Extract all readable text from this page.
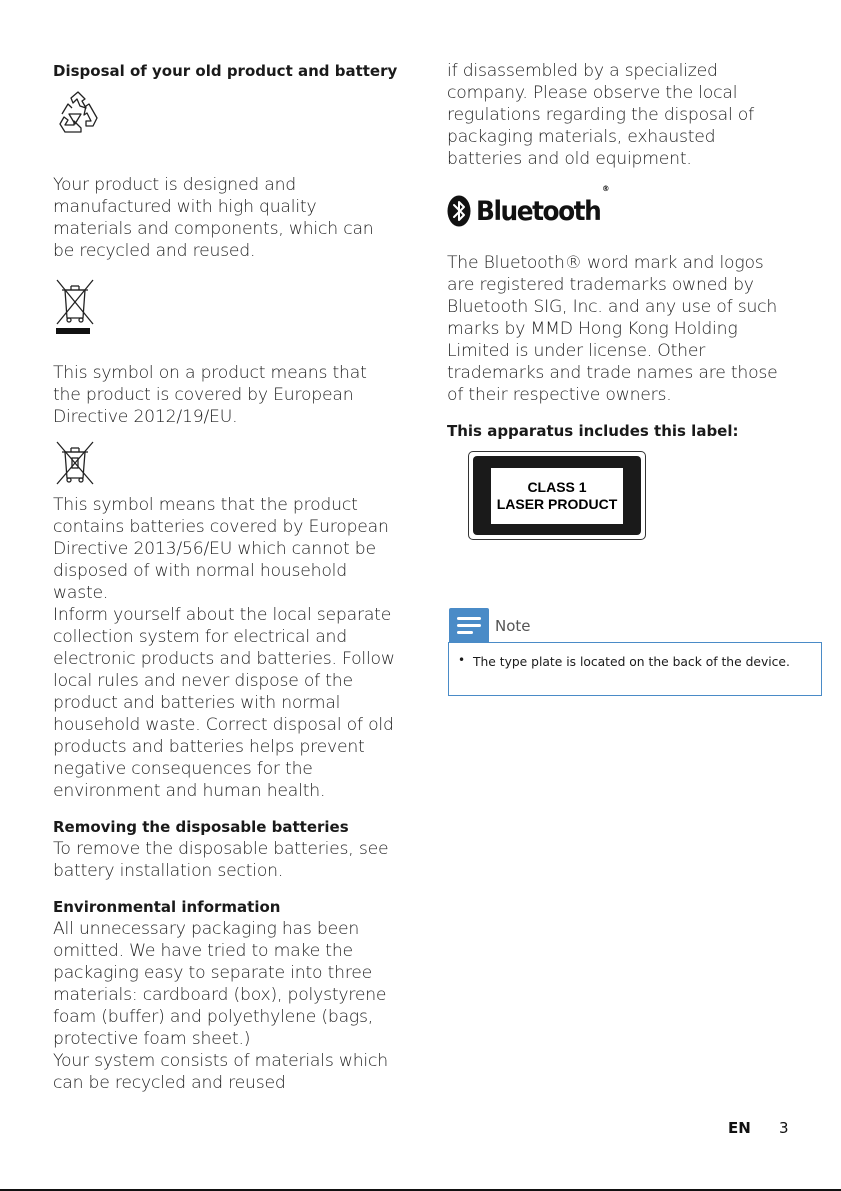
Disposal of your old product and battery

Your product is designed and manufactured with high quality materials and components, which can be recycled and reused.

This symbol on a product means that the product is covered by European Directive 2012/19/EU.

This symbol means that the product contains batteries covered by European Directive 2013/56/EU which cannot be disposed of with normal household waste.

Inform yourself about the local separate collection system for electrical and electronic products and batteries. Follow local rules and never dispose of the product and batteries with normal household waste. Correct disposal of old products and batteries helps prevent negative consequences for the environment and human health.

Removing the disposable batteries

To remove the disposable batteries, see battery installation section.

Environmental information

All unnecessary packaging has been omitted. We have tried to make the packaging easy to separate into three materials: cardboard (box), polystyrene foam (buffer) and polyethylene (bags, protective foam sheet.)

Your system consists of materials which can be recycled and reused

if disassembled by a specialized company. Please observe the local regulations regarding the disposal of packaging materials, exhausted batteries and old equipment.

Bluetooth®

The Bluetooth® word mark and logos are registered trademarks owned by Bluetooth SIG, Inc. and any use of such marks by MMD Hong Kong Holding Limited is under license. Other trademarks and trade names are those of their respective owners.

This apparatus includes this label:

CLASS 1
LASER PRODUCT
Note
• The type plate is located on the back of the device.
EN 3
